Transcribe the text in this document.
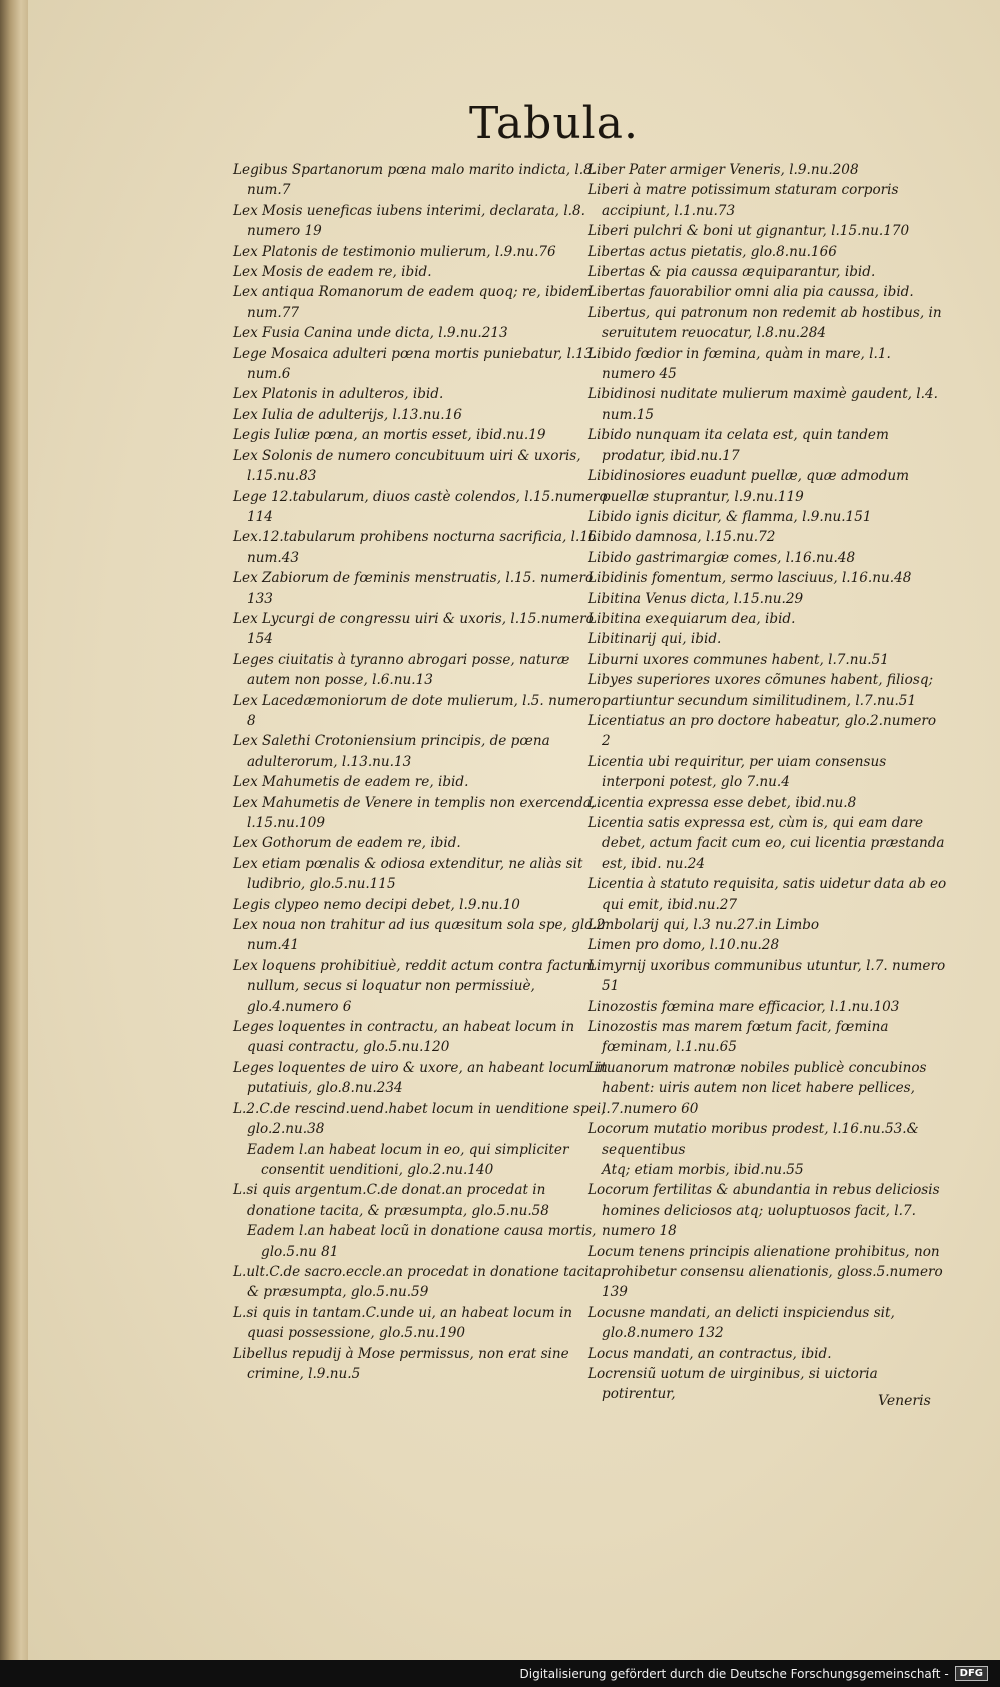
Tabula.

Legibus Spartanorum pœna malo marito indicta, l.8. num.7

Lex Mosis ueneficas iubens interimi, declarata, l.8. numero 19

Lex Platonis de testimonio mulierum, l.9.nu.76

Lex Mosis de eadem re, ibid.

Lex antiqua Romanorum de eadem quoq; re, ibidem num.77

Lex Fusia Canina unde dicta, l.9.nu.213

Lege Mosaica adulteri pœna mortis puniebatur, l.13. num.6

Lex Platonis in adulteros, ibid.

Lex Iulia de adulterijs, l.13.nu.16

Legis Iuliæ pœna, an mortis esset, ibid.nu.19

Lex Solonis de numero concubituum uiri & uxoris, l.15.nu.83

Lege 12.tabularum, diuos castè colendos, l.15.numero 114

Lex.12.tabularum prohibens nocturna sacrificia, l.16 num.43

Lex Zabiorum de fœminis menstruatis, l.15. numero 133

Lex Lycurgi de congressu uiri & uxoris, l.15.numero 154

Leges ciuitatis à tyranno abrogari posse, naturæ autem non posse, l.6.nu.13

Lex Lacedæmoniorum de dote mulierum, l.5. numero 8

Lex Salethi Crotoniensium principis, de pœna adulterorum, l.13.nu.13

Lex Mahumetis de eadem re, ibid.

Lex Mahumetis de Venere in templis non exercenda, l.15.nu.109

Lex Gothorum de eadem re, ibid.

Lex etiam pœnalis & odiosa extenditur, ne aliàs sit ludibrio, glo.5.nu.115

Legis clypeo nemo decipi debet, l.9.nu.10

Lex noua non trahitur ad ius quæsitum sola spe, glo.2. num.41

Lex loquens prohibitiuè, reddit actum contra factum nullum, secus si loquatur non permissiuè, glo.4.numero 6

Leges loquentes in contractu, an habeat locum in quasi contractu, glo.5.nu.120

Leges loquentes de uiro & uxore, an habeant locum in putatiuis, glo.8.nu.234

L.2.C.de rescind.uend.habet locum in uenditione spei, glo.2.nu.38

Eadem l.an habeat locum in eo, qui simpliciter consentit uenditioni, glo.2.nu.140

L.si quis argentum.C.de donat.an procedat in donatione tacita, & præsumpta, glo.5.nu.58

Eadem l.an habeat locũ in donatione causa mortis, glo.5.nu 81

L.ult.C.de sacro.eccle.an procedat in donatione tacita, & præsumpta, glo.5.nu.59

L.si quis in tantam.C.unde ui, an habeat locum in quasi possessione, glo.5.nu.190

Libellus repudij à Mose permissus, non erat sine crimine, l.9.nu.5

Liber Pater armiger Veneris, l.9.nu.208

Liberi à matre potissimum staturam corporis accipiunt, l.1.nu.73

Liberi pulchri & boni ut gignantur, l.15.nu.170

Libertas actus pietatis, glo.8.nu.166

Libertas & pia caussa æquiparantur, ibid.

Libertas fauorabilior omni alia pia caussa, ibid.

Libertus, qui patronum non redemit ab hostibus, in seruitutem reuocatur, l.8.nu.284

Libido fœdior in fœmina, quàm in mare, l.1. numero 45

Libidinosi nuditate mulierum maximè gaudent, l.4. num.15

Libido nunquam ita celata est, quin tandem prodatur, ibid.nu.17

Libidinosiores euadunt puellæ, quæ admodum puellæ stuprantur, l.9.nu.119

Libido ignis dicitur, & flamma, l.9.nu.151

Libido damnosa, l.15.nu.72

Libido gastrimargiæ comes, l.16.nu.48

Libidinis fomentum, sermo lasciuus, l.16.nu.48

Libitina Venus dicta, l.15.nu.29

Libitina exequiarum dea, ibid.

Libitinarij qui, ibid.

Liburni uxores communes habent, l.7.nu.51

Libyes superiores uxores cõmunes habent, filiosq; partiuntur secundum similitudinem, l.7.nu.51

Licentiatus an pro doctore habeatur, glo.2.numero 2

Licentia ubi requiritur, per uiam consensus interponi potest, glo 7.nu.4

Licentia expressa esse debet, ibid.nu.8

Licentia satis expressa est, cùm is, qui eam dare debet, actum facit cum eo, cui licentia præstanda est, ibid. nu.24

Licentia à statuto requisita, satis uidetur data ab eo qui emit, ibid.nu.27

Limbolarij qui, l.3 nu.27.in Limbo

Limen pro domo, l.10.nu.28

Limyrnij uxoribus communibus utuntur, l.7. numero 51

Linozostis fœmina mare efficacior, l.1.nu.103

Linozostis mas marem fœtum facit, fœmina fœminam, l.1.nu.65

Lituanorum matronæ nobiles publicè concubinos habent: uiris autem non licet habere pellices, l.7.numero 60

Locorum mutatio moribus prodest, l.16.nu.53.& sequentibus

Atq; etiam morbis, ibid.nu.55

Locorum fertilitas & abundantia in rebus deliciosis homines deliciosos atq; uoluptuosos facit, l.7. numero 18

Locum tenens principis alienatione prohibitus, non prohibetur consensu alienationis, gloss.5.numero 139

Locusne mandati, an delicti inspiciendus sit, glo.8.numero 132

Locus mandati, an contractus, ibid.

Locrensiũ uotum de uirginibus, si uictoria potirentur,	Veneris
Digitalisierung gefördert durch die Deutsche Forschungsgemeinschaft -	DFG
